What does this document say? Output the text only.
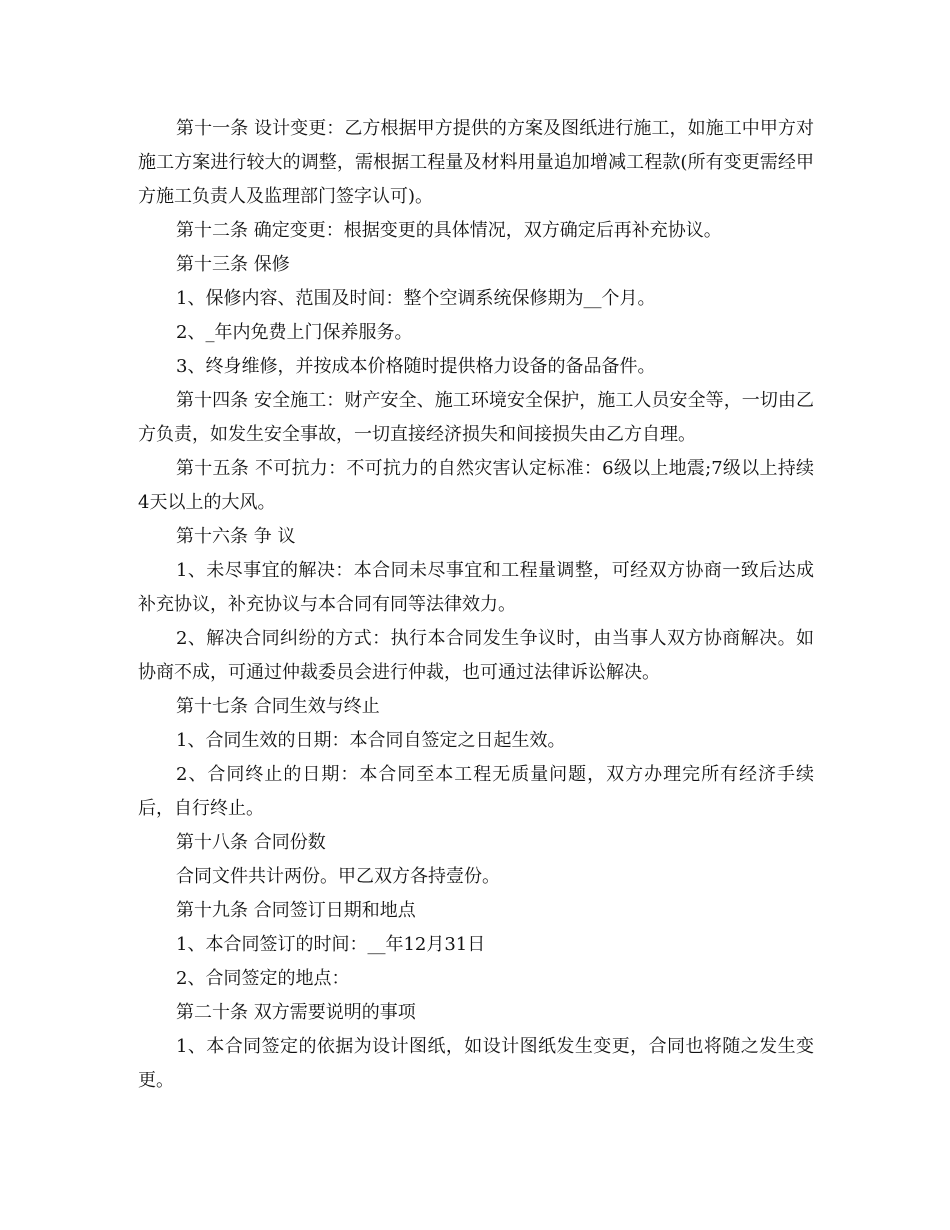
第十一条 设计变更：乙方根据甲方提供的方案及图纸进行施工，如施工中甲方对施工方案进行较大的调整，需根据工程量及材料用量追加增减工程款(所有变更需经甲方施工负责人及监理部门签字认可)。

第十二条 确定变更：根据变更的具体情况，双方确定后再补充协议。

第十三条 保修

1、保修内容、范围及时间：整个空调系统保修期为__个月。

2、_年内免费上门保养服务。

3、终身维修，并按成本价格随时提供格力设备的备品备件。

第十四条 安全施工：财产安全、施工环境安全保护，施工人员安全等，一切由乙方负责，如发生安全事故，一切直接经济损失和间接损失由乙方自理。

第十五条 不可抗力：不可抗力的自然灾害认定标准：6级以上地震;7级以上持续4天以上的大风。

第十六条 争 议

1、未尽事宜的解决：本合同未尽事宜和工程量调整，可经双方协商一致后达成补充协议，补充协议与本合同有同等法律效力。

2、解决合同纠纷的方式：执行本合同发生争议时，由当事人双方协商解决。如协商不成，可通过仲裁委员会进行仲裁，也可通过法律诉讼解决。

第十七条 合同生效与终止

1、合同生效的日期：本合同自签定之日起生效。

2、合同终止的日期：本合同至本工程无质量问题，双方办理完所有经济手续后，自行终止。

第十八条 合同份数

合同文件共计两份。甲乙双方各持壹份。

第十九条 合同签订日期和地点

1、本合同签订的时间：__年12月31日

2、合同签定的地点：

第二十条 双方需要说明的事项

1、本合同签定的依据为设计图纸，如设计图纸发生变更，合同也将随之发生变更。
